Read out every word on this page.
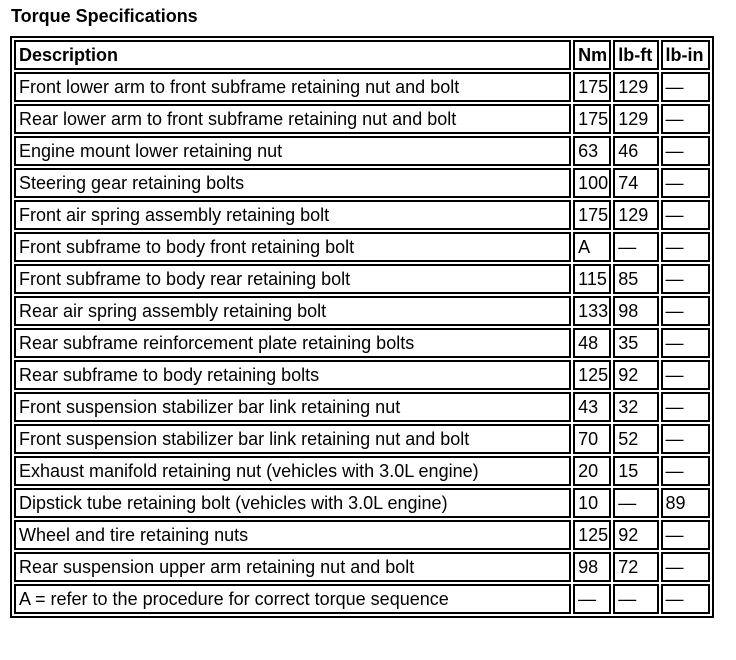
Torque Specifications
Description	Nm	lb-ft	lb-in
Front lower arm to front subframe retaining nut and bolt	175	129	—
Rear lower arm to front subframe retaining nut and bolt	175	129	—
Engine mount lower retaining nut	63	46	—
Steering gear retaining bolts	100	74	—
Front air spring assembly retaining bolt	175	129	—
Front subframe to body front retaining bolt	A	—	—
Front subframe to body rear retaining bolt	115	85	—
Rear air spring assembly retaining bolt	133	98	—
Rear subframe reinforcement plate retaining bolts	48	35	—
Rear subframe to body retaining bolts	125	92	—
Front suspension stabilizer bar link retaining nut	43	32	—
Front suspension stabilizer bar link retaining nut and bolt	70	52	—
Exhaust manifold retaining nut (vehicles with 3.0L engine)	20	15	—
Dipstick tube retaining bolt (vehicles with 3.0L engine)	10	—	89
Wheel and tire retaining nuts	125	92	—
Rear suspension upper arm retaining nut and bolt	98	72	—
A = refer to the procedure for correct torque sequence	—	—	—
